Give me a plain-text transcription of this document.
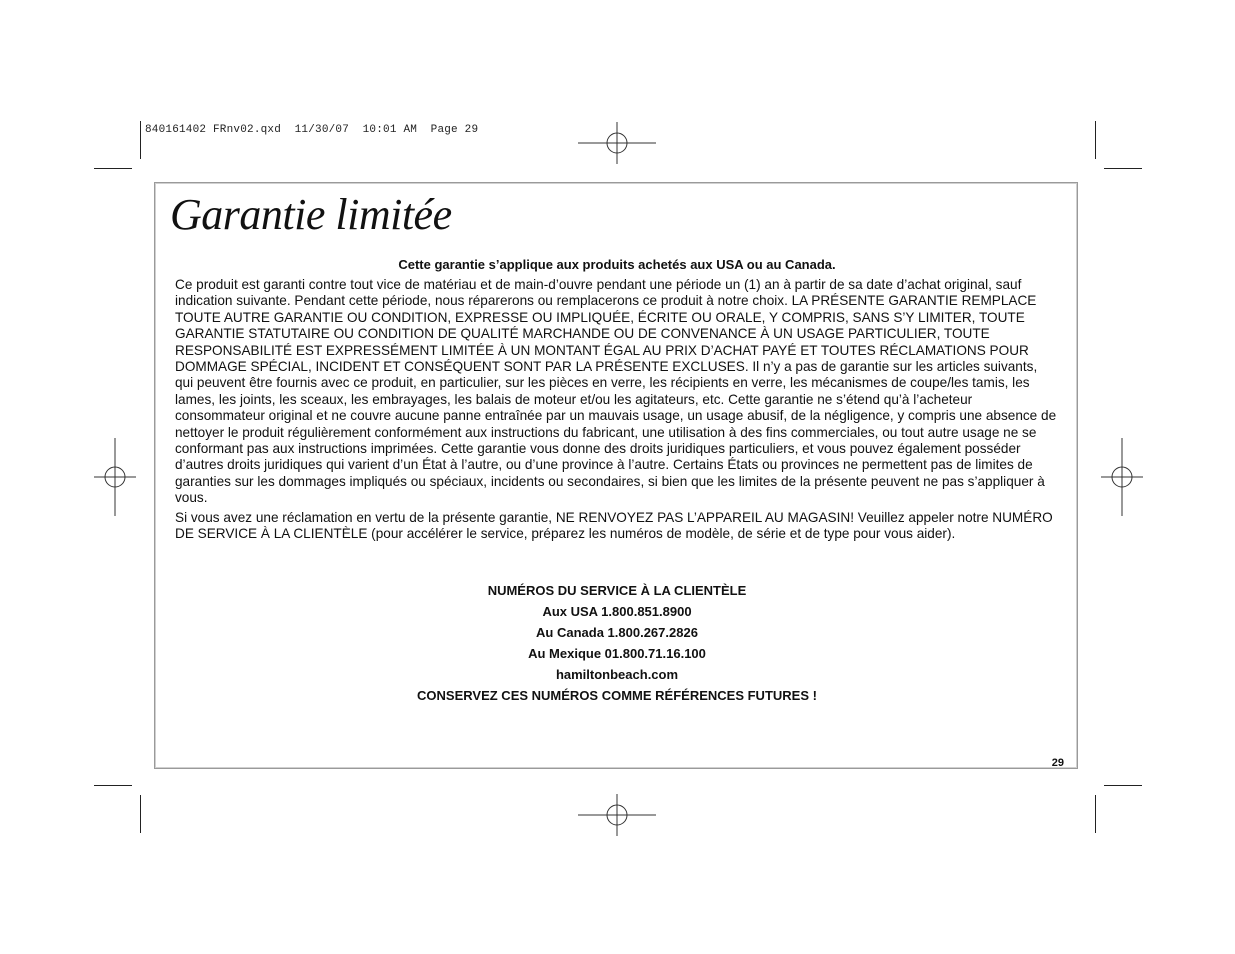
840161402 FRnv02.qxd  11/30/07  10:01 AM  Page 29
Garantie limitée
Cette garantie s’applique aux produits achetés aux USA ou au Canada.
Ce produit est garanti contre tout vice de matériau et de main-d’ouvre pendant une période un (1) an à partir de sa date d’achat original, sauf indication suivante. Pendant cette période, nous réparerons ou remplacerons ce produit à notre choix. LA PRÉSENTE GARANTIE REMPLACE TOUTE AUTRE GARANTIE OU CONDITION, EXPRESSE OU IMPLIQUÉE, ÉCRITE OU ORALE, Y COMPRIS, SANS S’Y LIMITER, TOUTE GARANTIE STATUTAIRE OU CONDITION DE QUALITÉ MARCHANDE OU DE CONVENANCE À UN USAGE PARTICULIER, TOUTE RESPONSABILITÉ EST EXPRESSÉMENT LIMITÉE À UN MONTANT ÉGAL AU PRIX D’ACHAT PAYÉ ET TOUTES RÉCLAMATIONS POUR DOMMAGE SPÉCIAL, INCIDENT ET CONSÉQUENT SONT PAR LA PRÉSENTE EXCLUSES. Il n’y a pas de garantie sur les articles suivants, qui peuvent être fournis avec ce produit, en particulier, sur les pièces en verre, les récipients en verre, les mécanismes de coupe/les tamis, les lames, les joints, les sceaux, les embrayages, les balais de moteur et/ou les agitateurs, etc. Cette garantie ne s’étend qu’à l’acheteur consommateur original et ne couvre aucune panne entraînée par un mauvais usage, un usage abusif, de la négligence, y compris une absence de nettoyer le produit régulièrement conformément aux instructions du fabricant, une utilisation à des fins commerciales, ou tout autre usage ne se conformant pas aux instructions imprimées. Cette garantie vous donne des droits juridiques particuliers, et vous pouvez également posséder d’autres droits juridiques qui varient d’un État à l’autre, ou d’une province à l’autre. Certains États ou provinces ne permettent pas de limites de garanties sur les dommages impliqués ou spéciaux, incidents ou secondaires, si bien que les limites de la présente peuvent ne pas s’appliquer à vous.
Si vous avez une réclamation en vertu de la présente garantie, NE RENVOYEZ PAS L’APPAREIL AU MAGASIN! Veuillez appeler notre NUMÉRO DE SERVICE À LA CLIENTÈLE (pour accélérer le service, préparez les numéros de modèle, de série et de type pour vous aider).
NUMÉROS DU SERVICE À LA CLIENTÈLE
Aux USA 1.800.851.8900
Au Canada 1.800.267.2826
Au Mexique 01.800.71.16.100
hamiltonbeach.com
CONSERVEZ CES NUMÉROS COMME RÉFÉRENCES FUTURES !
29
